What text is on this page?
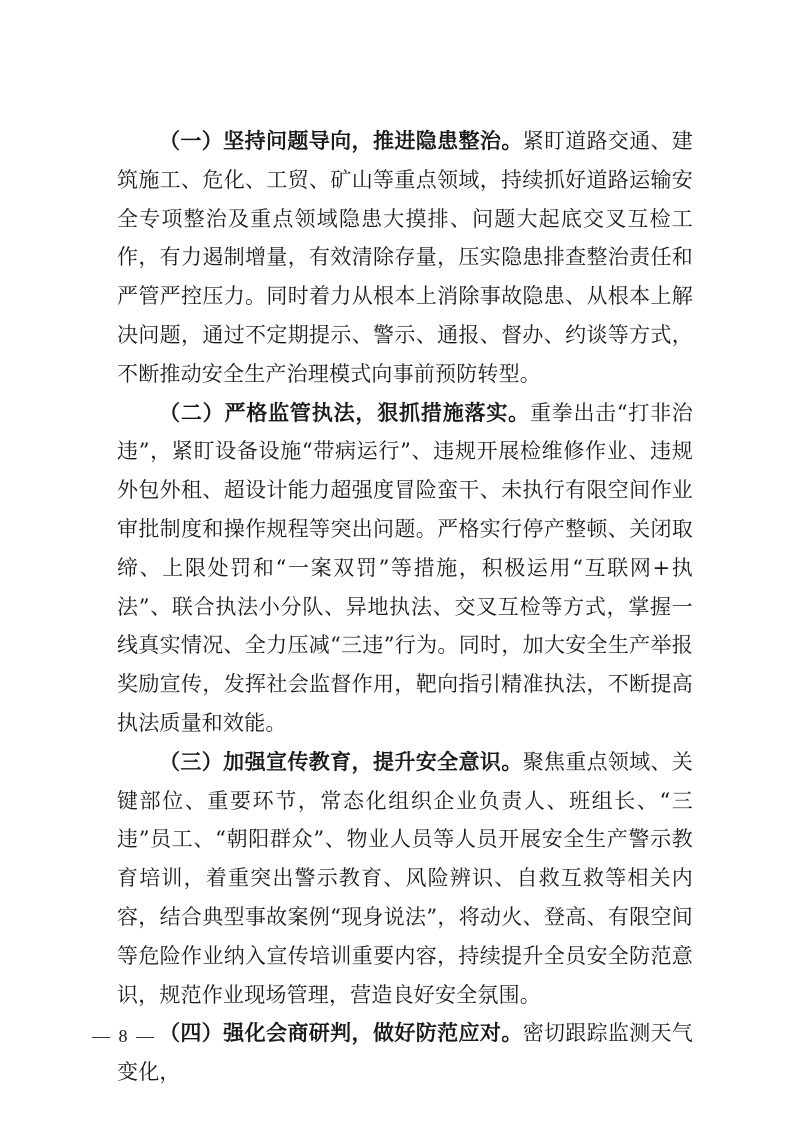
（一）坚持问题导向，推进隐患整治。紧盯道路交通、建筑施工、危化、工贸、矿山等重点领域，持续抓好道路运输安全专项整治及重点领域隐患大摸排、问题大起底交叉互检工作，有力遏制增量，有效清除存量，压实隐患排查整治责任和严管严控压力。同时着力从根本上消除事故隐患、从根本上解决问题，通过不定期提示、警示、通报、督办、约谈等方式，不断推动安全生产治理模式向事前预防转型。

（二）严格监管执法，狠抓措施落实。重拳出击“打非治违”，紧盯设备设施“带病运行”、违规开展检维修作业、违规外包外租、超设计能力超强度冒险蛮干、未执行有限空间作业审批制度和操作规程等突出问题。严格实行停产整顿、关闭取缔、上限处罚和“一案双罚”等措施，积极运用“互联网+执法”、联合执法小分队、异地执法、交叉互检等方式，掌握一线真实情况、全力压减“三违”行为。同时，加大安全生产举报奖励宣传，发挥社会监督作用，靶向指引精准执法，不断提高执法质量和效能。

（三）加强宣传教育，提升安全意识。聚焦重点领域、关键部位、重要环节，常态化组织企业负责人、班组长、“三违”员工、“朝阳群众”、物业人员等人员开展安全生产警示教育培训，着重突出警示教育、风险辨识、自救互救等相关内容，结合典型事故案例“现身说法”，将动火、登高、有限空间等危险作业纳入宣传培训重要内容，持续提升全员安全防范意识，规范作业现场管理，营造良好安全氛围。

（四）强化会商研判，做好防范应对。密切跟踪监测天气变化，

— 8 —
